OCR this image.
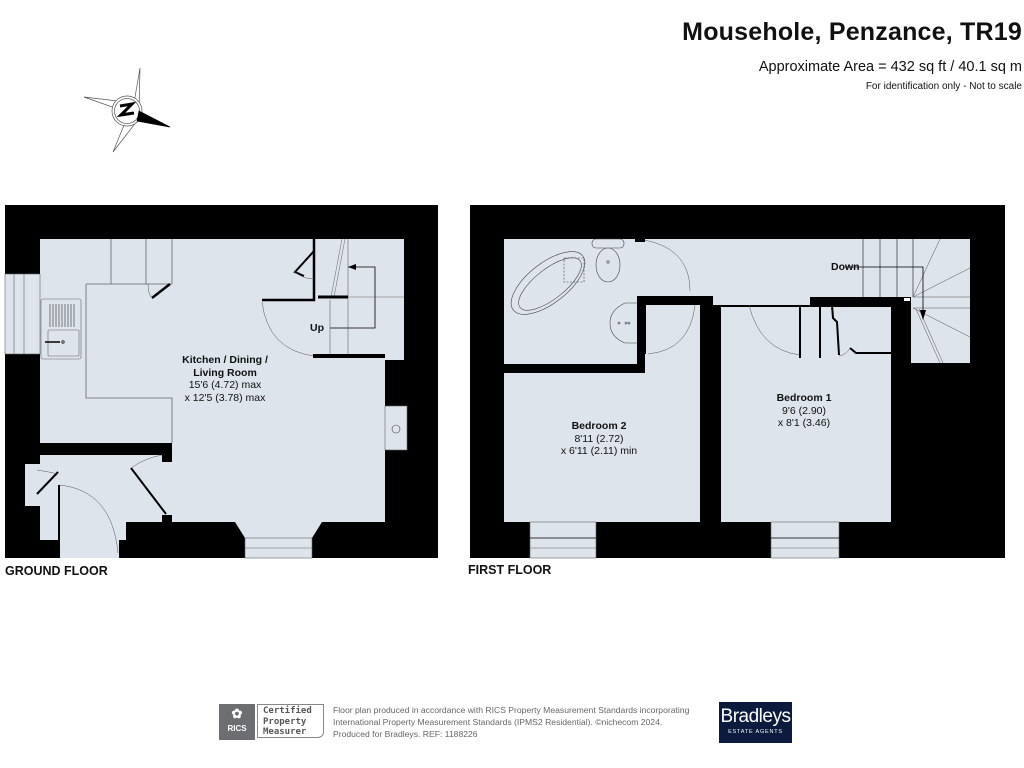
Mousehole, Penzance, TR19
Approximate Area = 432 sq ft / 40.1 sq m
For identification only - Not to scale
Kitchen / Dining /
Living Room
15'6 (4.72) max
x 12'5 (3.78) max
Up
GROUND FLOOR
Bedroom 2
8'11 (2.72)
x 6'11 (2.11) min
Bedroom 1
9'6 (2.90)
x 8'1 (3.46)
Down
FIRST FLOOR
✿
RICS
Certified
Property
Measurer
Floor plan produced in accordance with RICS Property Measurement Standards incorporating
International Property Measurement Standards (IPMS2 Residential). ©nichecom 2024.
Produced for Bradleys. REF: 1188226
Bradleys
ESTATE AGENTS
